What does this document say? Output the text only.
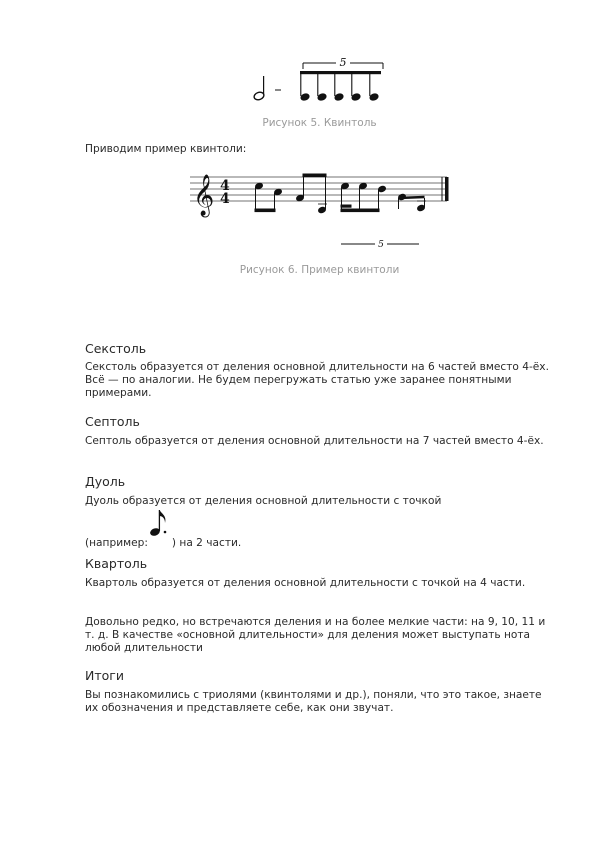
5
Рисунок 5. Квинтоль
Приводим пример квинтоли:
𝄞 4
4
5
Рисунок 6. Пример квинтоли
Секстоль
Секстоль образуется от деления основной длительности на 6 частей вместо 4-ёх. Всё — по аналогии. Не будем перегружать статью уже заранее понятными примерами.
Септоль
Септоль образуется от деления основной длительности на 7 частей вместо 4-ёх.
Дуоль
Дуоль образуется от деления основной длительности с точкой
(например: ) на 2 части.
Квартоль
Квартоль образуется от деления основной длительности с точкой на 4 части.
Довольно редко, но встречаются деления и на более мелкие части: на 9, 10, 11 и т. д. В качестве «основной длительности» для деления может выступать нота любой длительности
Итоги
Вы познакомились с триолями (квинтолями и др.), поняли, что это такое, знаете их обозначения и представляете себе, как они звучат.
